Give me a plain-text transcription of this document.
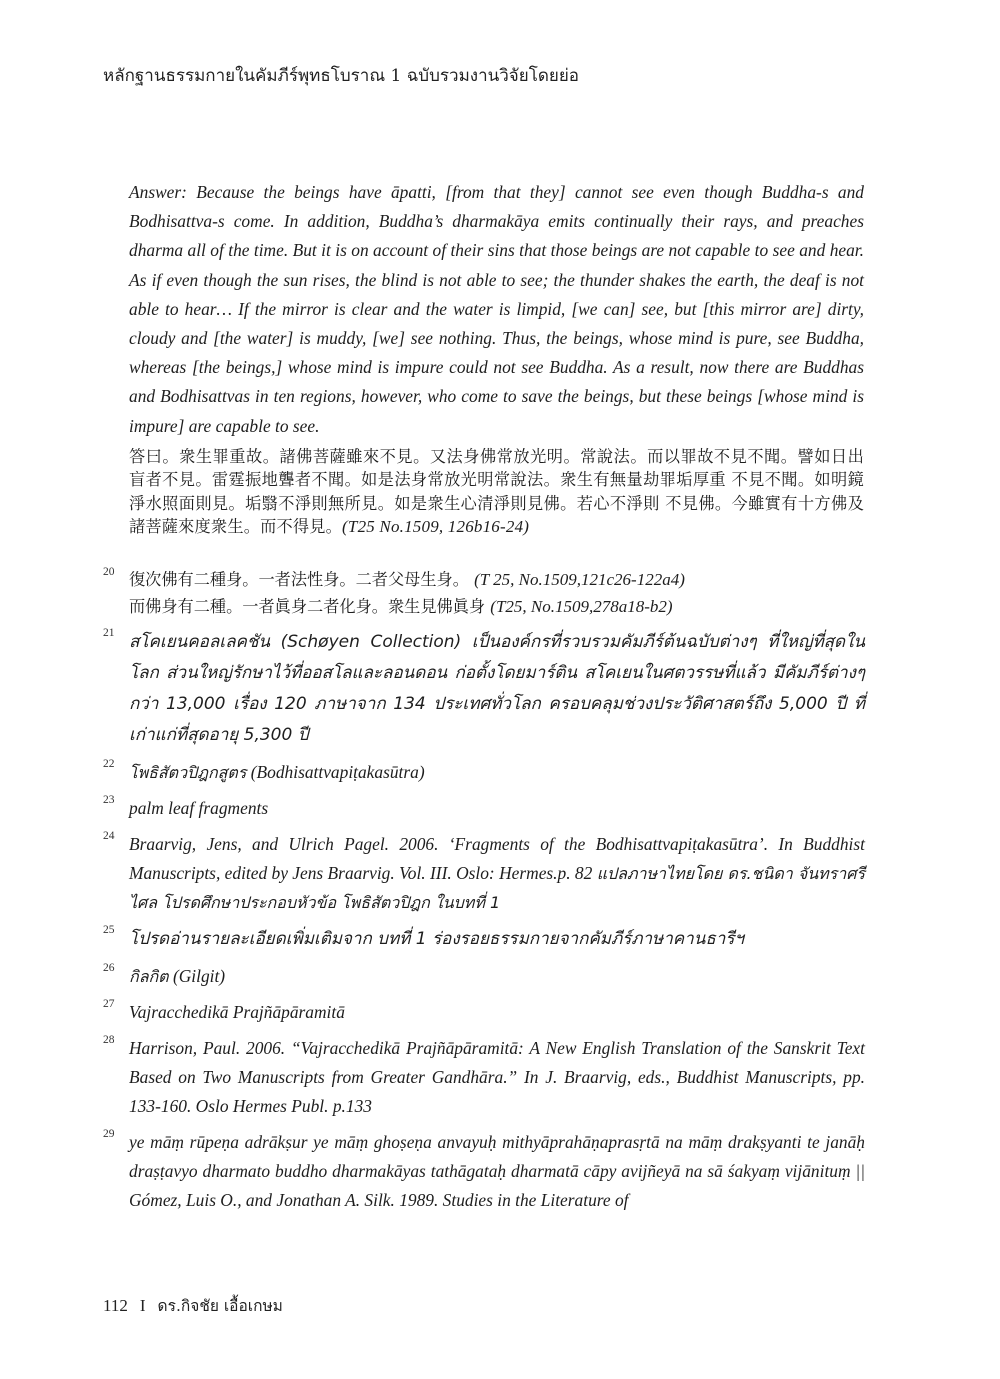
หลักฐานธรรมกายในคัมภีร์พุทธโบราณ 1 ฉบับรวมงานวิจัยโดยย่อ

Answer: Because the beings have āpatti, [from that they] cannot see even though Buddha-s and Bodhisattva-s come. In addition, Buddha’s dharmakāya emits continually their rays, and preaches dharma all of the time. But it is on account of their sins that those beings are not capable to see and hear. As if even though the sun rises, the blind is not able to see; the thunder shakes the earth, the deaf is not able to hear… If the mirror is clear and the water is limpid, [we can] see, but [this mirror are] dirty, cloudy and [the water] is muddy, [we] see nothing. Thus, the beings, whose mind is pure, see Buddha, whereas [the beings,] whose mind is impure could not see Buddha. As a result, now there are Buddhas and Bodhisattvas in ten regions, however, who come to save the beings, but these beings [whose mind is impure] are capable to see.

答曰。衆生罪重故。諸佛菩薩雖來不見。又法身佛常放光明。常說法。而以罪故不見不聞。譬如日出盲者不見。雷霆振地聾者不聞。如是法身常放光明常說法。衆生有無量劫罪垢厚重 不見不聞。如明鏡淨水照面則見。垢翳不淨則無所見。如是衆生心清淨則見佛。若心不淨則 不見佛。今雖實有十方佛及諸菩薩來度衆生。而不得見。(T25 No.1509, 126b16-24)

20 復次佛有二種身。一者法性身。二者父母生身。 (T 25, No.1509,121c26-122a4)
而佛身有二種。一者眞身二者化身。衆生見佛眞身 (T25, No.1509,278a18-b2)

21 สโคเยนคอลเลคชัน (Schøyen Collection) เป็นองค์กรที่รวบรวมคัมภีร์ต้นฉบับต่างๆ ที่ใหญ่ที่สุดในโลก ส่วนใหญ่รักษาไว้ที่ออสโลและลอนดอน ก่อตั้งโดยมาร์ติน สโคเยนในศตวรรษที่แล้ว มีคัมภีร์ต่างๆ กว่า 13,000 เรื่อง 120 ภาษาจาก 134 ประเทศทั่วโลก ครอบคลุมช่วงประวัติศาสตร์ถึง 5,000 ปี ที่เก่าแก่ที่สุดอายุ 5,300 ปี

22 โพธิสัตวปิฎกสูตร (Bodhisattvapiṭakasūtra)

23 palm leaf fragments

24 Braarvig, Jens, and Ulrich Pagel. 2006. ‘Fragments of the Bodhisattvapiṭakasūtra’. In Buddhist Manuscripts, edited by Jens Braarvig. Vol. III. Oslo: Hermes.p. 82 แปลภาษาไทยโดย ดร.ชนิดา จันทราศรีไศล โปรดศึกษาประกอบหัวข้อ โพธิสัตวปิฎก ในบทที่ 1

25 โปรดอ่านรายละเอียดเพิ่มเติมจาก บทที่ 1 ร่องรอยธรรมกายจากคัมภีร์ภาษาคานธารีฯ

26 กิลกิต (Gilgit)

27 Vajracchedikā Prajñāpāramitā

28 Harrison, Paul. 2006. “Vajracchedikā Prajñāpāramitā: A New English Translation of the Sanskrit Text Based on Two Manuscripts from Greater Gandhāra.” In J. Braarvig, eds., Buddhist Manuscripts, pp. 133-160. Oslo Hermes Publ. p.133

29 ye māṃ rūpeṇa adrākṣur ye māṃ ghoṣeṇa anvayuḥ mithyāprahāṇaprasṛtā na māṃ drakṣyanti te janāḥ draṣṭavyo dharmato buddho dharmakāyas tathāgataḥ dharmatā cāpy avijñeyā na sā śakyaṃ vijānituṃ || Gómez, Luis O., and Jonathan A. Silk. 1989. Studies in the Literature of

112 I ดร.กิจชัย เอื้อเกษม
